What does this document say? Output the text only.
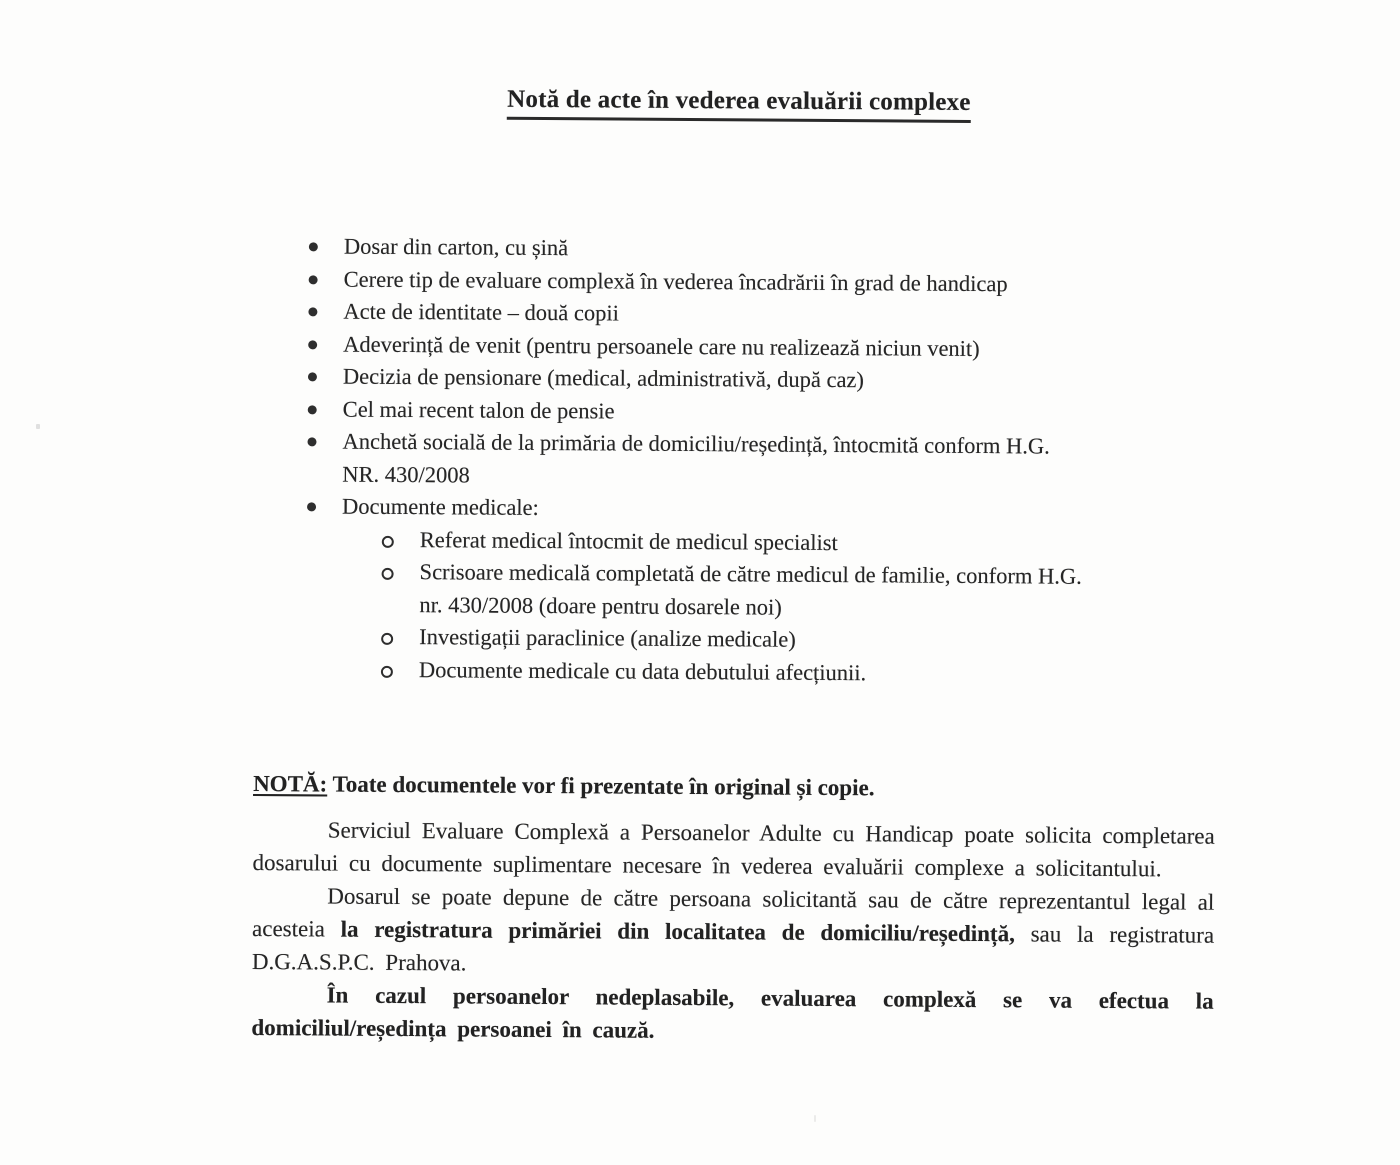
Notă de acte în vederea evaluării complexe
Dosar din carton, cu șină
Cerere tip de evaluare complexă în vederea încadrării în grad de handicap
Acte de identitate – două copii
Adeverință de venit (pentru persoanele care nu realizează niciun venit)
Decizia de pensionare (medical, administrativă, după caz)
Cel mai recent talon de pensie
Anchetă socială de la primăria de domiciliu/reședință, întocmită conform H.G.
NR. 430/2008
Documente medicale:
Referat medical întocmit de medicul specialist
Scrisoare medicală completată de către medicul de familie, conform H.G.
nr. 430/2008 (doare pentru dosarele noi)
Investigații paraclinice (analize medicale)
Documente medicale cu data debutului afecțiunii.
NOTĂ: Toate documentele vor fi prezentate în original și copie.

Serviciul Evaluare Complexă a Persoanelor Adulte cu Handicap poate solicita completarea dosarului cu documente suplimentare necesare în vederea evaluării complexe a solicitantului.

Dosarul se poate depune de către persoana solicitantă sau de către reprezentantul legal al acesteia la registratura primăriei din localitatea de domiciliu/reședință, sau la registratura D.G.A.S.P.C. Prahova.

În cazul persoanelor nedeplasabile, evaluarea complexă se va efectua la domiciliul/reședința persoanei în cauză.
